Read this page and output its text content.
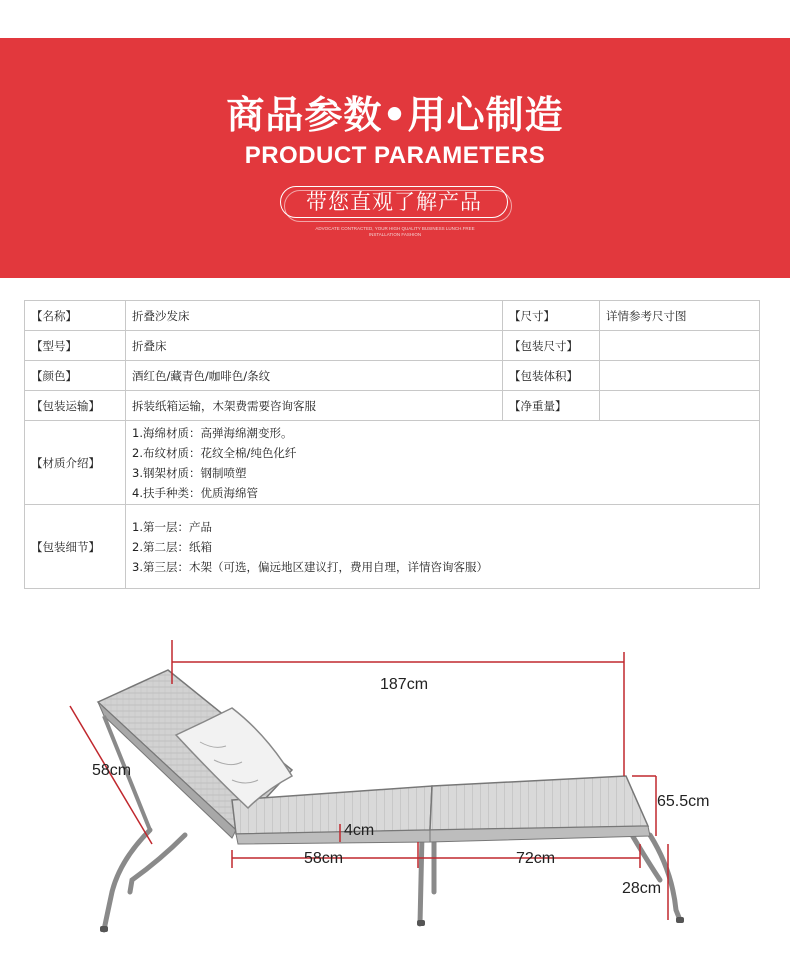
商品参数•用心制造
PRODUCT PARAMETERS
带您直观了解产品
ADVOCATE CONTRACTED, YOUR HIGH QUALITY BUSINESS LUNCH.FREE
INSTALLATION FASHION
【名称】	折叠沙发床	【尺寸】	详情参考尺寸图
【型号】	折叠床	【包装尺寸】	
【颜色】	酒红色/藏青色/咖啡色/条纹	【包装体积】	
【包装运输】	拆装纸箱运输，木架费需要咨询客服	【净重量】	
【材质介绍】	1.海绵材质：高弹海绵潮变形。
2.布纹材质：花纹全棉/纯色化纤
3.钢架材质：钢制喷塑
4.扶手种类：优质海绵管		

【包装细节】	1.第一层：产品
2.第二层：纸箱
3.第三层：木架（可选，偏远地区建议打，费用自理，详情咨询客服）		
187cm
58cm
65.5cm
4cm
58cm	72cm
28cm
